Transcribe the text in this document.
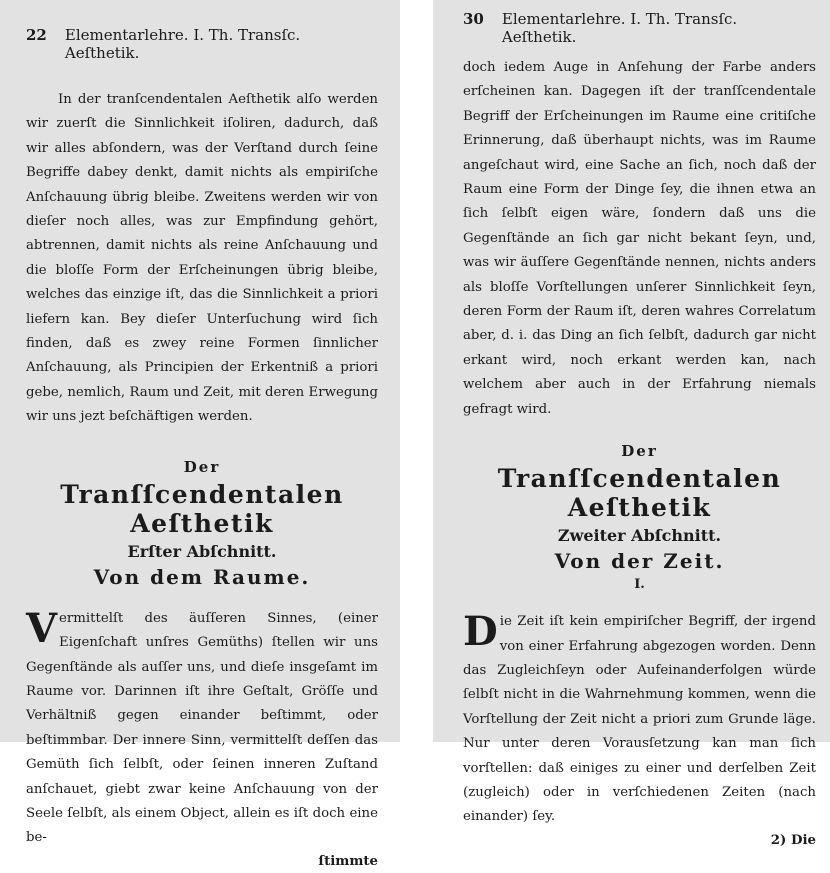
22 Elementarlehre. I. Th. Transſc. Aeſthetik.

In der tranſcendentalen Aeſthetik alſo werden wir zuerſt die Sinnlichkeit iſoliren, dadurch, daß wir alles abſondern, was der Verſtand durch ſeine Begriffe dabey denkt, damit nichts als empiriſche Anſchauung übrig bleibe. Zweitens werden wir von dieſer noch alles, was zur Empfindung gehört, abtrennen, damit nichts als reine Anſchauung und die bloſſe Form der Erſcheinungen übrig bleibe, welches das einzige iſt, das die Sinnlichkeit a priori liefern kan. Bey dieſer Unterſuchung wird ſich finden, daß es zwey reine Formen ſinnlicher Anſchauung, als Principien der Erkentniß a priori gebe, nemlich, Raum und Zeit, mit deren Erwegung wir uns jezt beſchäftigen werden.

Der

Tranſſcendentalen Aeſthetik

Erſter Abſchnitt.

Von dem Raume.

V ermittelſt des äuſſeren Sinnes, (einer Eigenſchaft unſres Gemüths) ſtellen wir uns Gegenſtände als auſſer uns, und dieſe insgeſamt im Raume vor. Darinnen iſt ihre Geſtalt, Gröſſe und Verhältniß gegen einander beſtimmt, oder beſtimmbar. Der innere Sinn, vermittelſt deſſen das Gemüth ſich ſelbſt, oder ſeinen inneren Zuſtand anſchauet, giebt zwar keine Anſchauung von der Seele ſelbſt, als einem Object, allein es iſt doch eine be-

ſtimmte

30 Elementarlehre. I. Th. Transſc. Aeſthetik.

doch iedem Auge in Anſehung der Farbe anders erſcheinen kan. Dagegen iſt der tranſſcendentale Begriff der Erſcheinungen im Raume eine critiſche Erinnerung, daß überhaupt nichts, was im Raume angeſchaut wird, eine Sache an ſich, noch daß der Raum eine Form der Dinge ſey, die ihnen etwa an ſich ſelbſt eigen wäre, ſondern daß uns die Gegenſtände an ſich gar nicht bekant ſeyn, und, was wir äuſſere Gegenſtände nennen, nichts anders als bloſſe Vorſtellungen unſerer Sinnlichkeit ſeyn, deren Form der Raum iſt, deren wahres Correlatum aber, d. i. das Ding an ſich ſelbſt, dadurch gar nicht erkant wird, noch erkant werden kan, nach welchem aber auch in der Erfahrung niemals gefragt wird.

Der

Tranſſcendentalen Aeſthetik

Zweiter Abſchnitt.

Von der Zeit.

I.

D ie Zeit iſt kein empiriſcher Begriff, der irgend von einer Erfahrung abgezogen worden. Denn das Zugleichſeyn oder Aufeinanderfolgen würde ſelbſt nicht in die Wahrnehmung kommen, wenn die Vorſtellung der Zeit nicht a priori zum Grunde läge. Nur unter deren Vorausſetzung kan man ſich vorſtellen: daß einiges zu einer und derſelben Zeit (zugleich) oder in verſchiedenen Zeiten (nach einander) ſey.

2) Die
